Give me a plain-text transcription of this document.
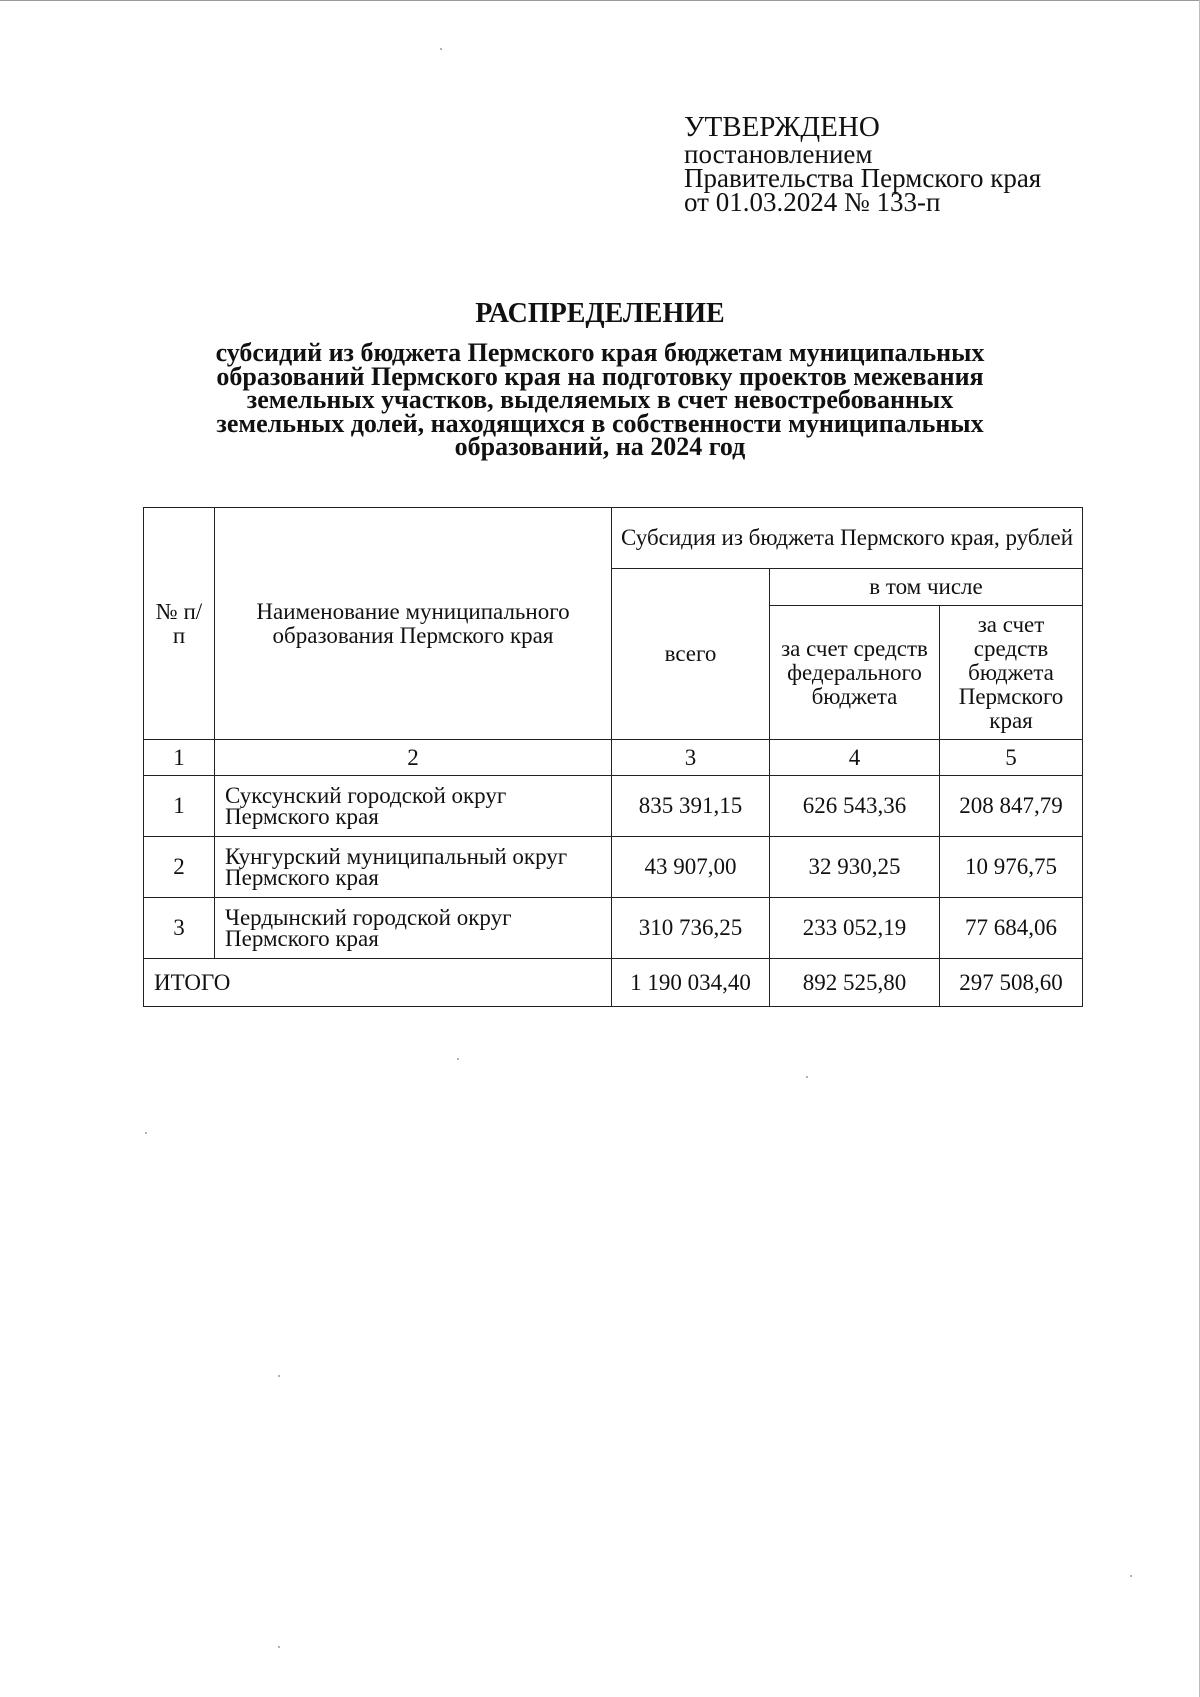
УТВЕРЖДЕНО
постановлением
Правительства Пермского края
от 01.03.2024 № 133-п
РАСПРЕДЕЛЕНИЕ
субсидий из бюджета Пермского края бюджетам муниципальных
образований Пермского края на подготовку проектов межевания
земельных участков, выделяемых в счет невостребованных
земельных долей, находящихся в собственности муниципальных
образований, на 2024 год
№ п/п	Наименование муниципального образования Пермского края	Субсидия из бюджета Пермского края, рублей		
		всего	в том числе	
			за счет средств федерального бюджета	за счет средств бюджета Пермского края
1	2	3	4	5
1	Суксунский городской округ
Пермского края	835 391,15	626 543,36	208 847,79
2	Кунгурский муниципальный округ
Пермского края	43 907,00	32 930,25	10 976,75
3	Чердынский городской округ
Пермского края	310 736,25	233 052,19	77 684,06
ИТОГО		1 190 034,40	892 525,80	297 508,60
